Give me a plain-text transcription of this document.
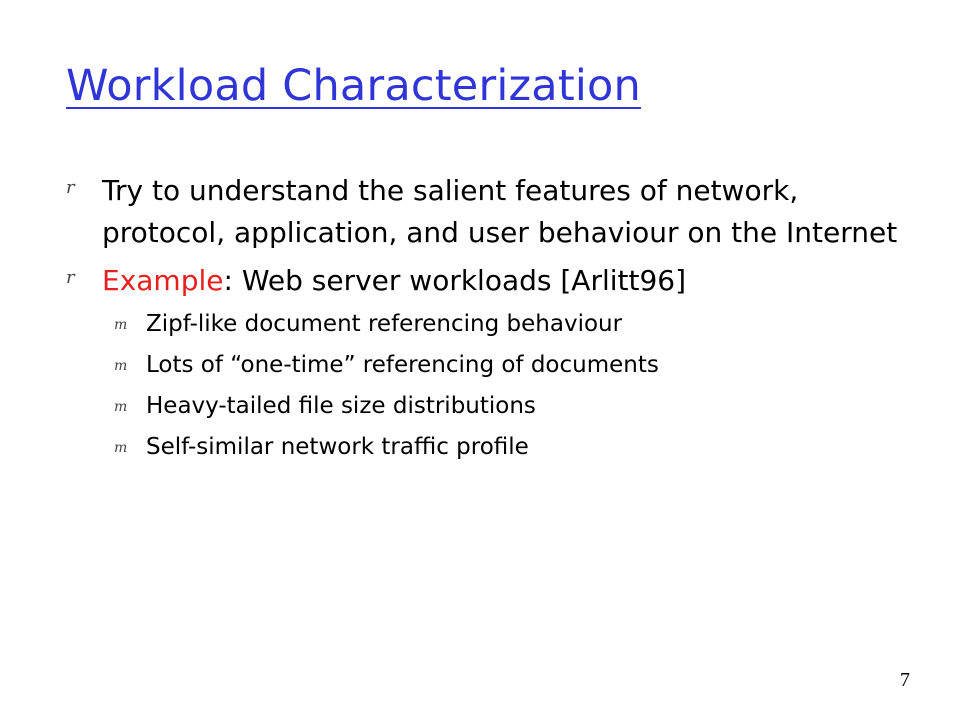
Workload Characterization
r Try to understand the salient features of network, protocol, application, and user behaviour on the Internet
r Example: Web server workloads [Arlitt96]
m Zipf-like document referencing behaviour
m Lots of “one-time” referencing of documents
m Heavy-tailed file size distributions
m Self-similar network traffic profile
7
